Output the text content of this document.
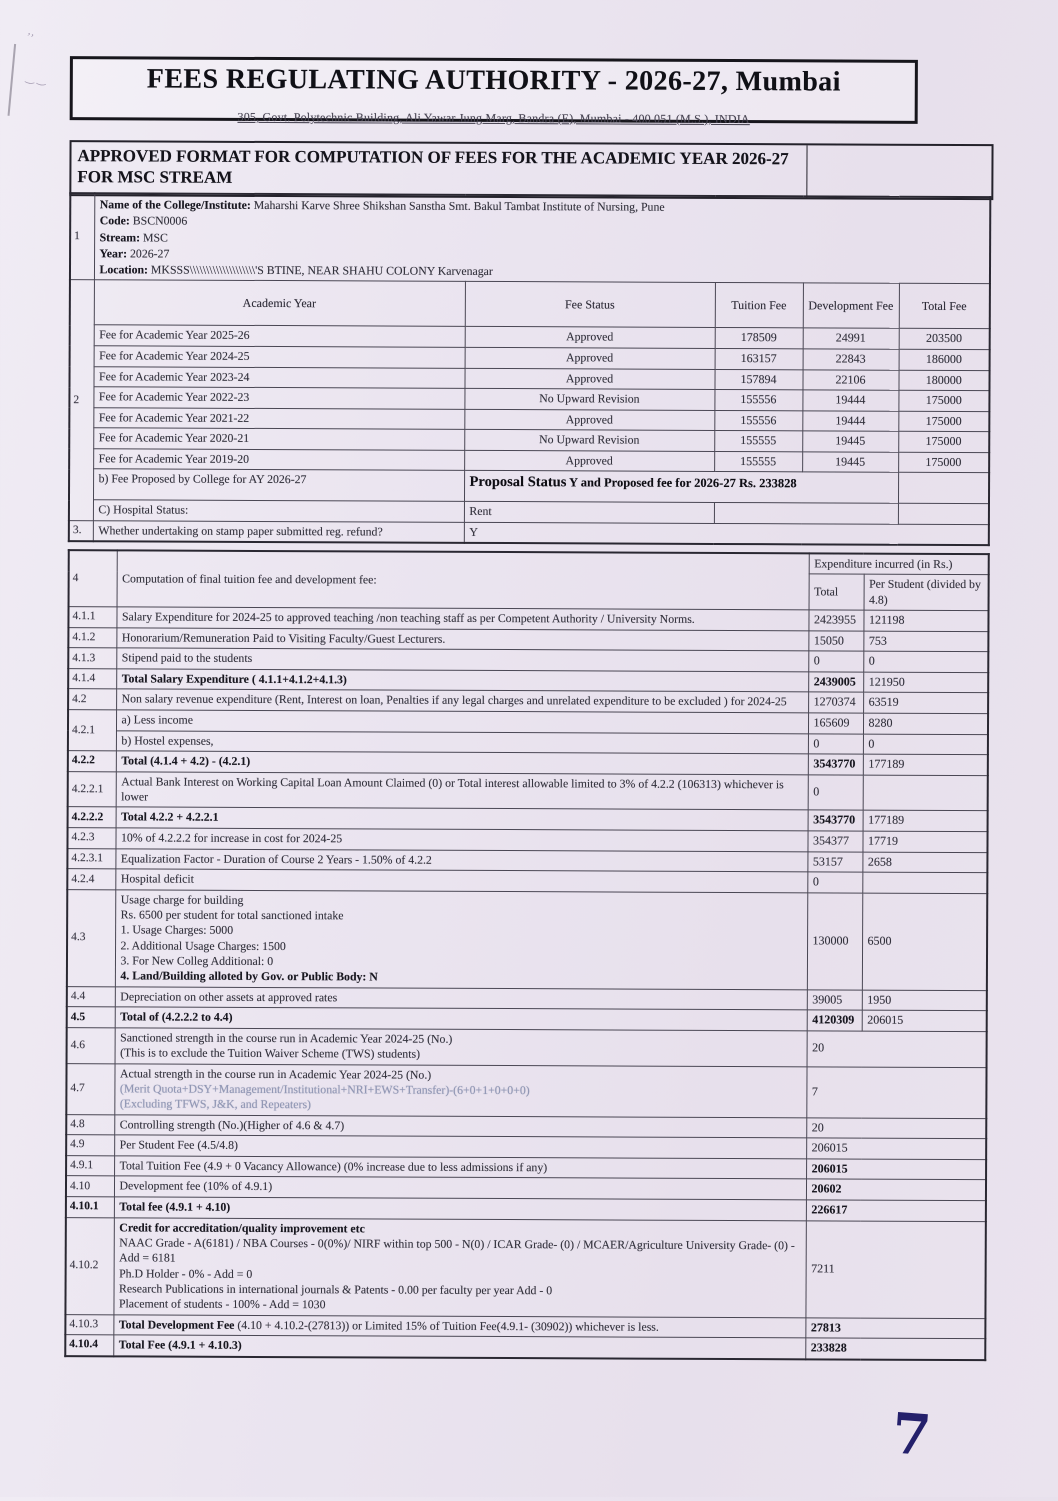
‚‚
‿ ‿	FEES REGULATING AUTHORITY - 2026-27, Mumbai
305, Govt. Polytechnic Building, Ali Yawar Jung Marg, Bandra (E), Mumbai - 400 051 (M.S.), INDIA
APPROVED FORMAT FOR COMPUTATION OF FEES FOR THE ACADEMIC YEAR 2026-27 FOR MSC STREAM
1	Name of the College/Institute: Maharshi Karve Shree Shikshan Sanstha Smt. Bakul Tambat Institute of Nursing, Pune
Code: BSCN0006
Stream: MSC
Year: 2026-27
Location: MKSSS\\\\\\\\\\\\\\\\\\\\'S BTINE, NEAR SHAHU COLONY Karvenagar				

2	Academic Year	Fee Status	Tuition Fee	Development Fee	Total Fee
	Fee for Academic Year 2025-26	Approved	178509	24991	203500
	Fee for Academic Year 2024-25	Approved	163157	22843	186000
	Fee for Academic Year 2023-24	Approved	157894	22106	180000
	Fee for Academic Year 2022-23	No Upward Revision	155556	19444	175000
	Fee for Academic Year 2021-22	Approved	155556	19444	175000
	Fee for Academic Year 2020-21	No Upward Revision	155555	19445	175000
	Fee for Academic Year 2019-20	Approved	155555	19445	175000
	b) Fee Proposed by College for AY 2026-27	Proposal Status Y and Proposed fee for 2026-27 Rs. 233828			
	C) Hospital Status:	Rent			
3.	Whether undertaking on stamp paper submitted reg. refund?	Y			
4	Computation of final tuition fee and development fee:	Expenditure incurred (in Rs.)	
		Total	Per Student (divided by 4.8)
4.1.1	Salary Expenditure for 2024-25 to approved teaching /non teaching staff as per Competent Authority / University Norms.	2423955	121198
4.1.2	Honorarium/Remuneration Paid to Visiting Faculty/Guest Lecturers.	15050	753
4.1.3	Stipend paid to the students	0	0
4.1.4	Total Salary Expenditure ( 4.1.1+4.1.2+4.1.3)	2439005	121950
4.2	Non salary revenue expenditure (Rent, Interest on loan, Penalties if any legal charges and unrelated expenditure to be excluded ) for 2024-25	1270374	63519
4.2.1	a) Less income	165609	8280
	b) Hostel expenses,	0	0
4.2.2	Total (4.1.4 + 4.2) - (4.2.1)	3543770	177189
4.2.2.1	Actual Bank Interest on Working Capital Loan Amount Claimed (0) or Total interest allowable limited to 3% of 4.2.2 (106313) whichever is lower	0	
4.2.2.2	Total 4.2.2 + 4.2.2.1	3543770	177189
4.2.3	10% of 4.2.2.2 for increase in cost for 2024-25	354377	17719
4.2.3.1	Equalization Factor - Duration of Course 2 Years - 1.50% of 4.2.2	53157	2658
4.2.4	Hospital deficit	0	
4.3	
Usage charge for building
Rs. 6500 per student for total sanctioned intake
1. Usage Charges: 5000
2. Additional Usage Charges: 1500
3. For New Colleg Additional: 0
4. Land/Building alloted by Gov. or Public Body: N
	130000	6500
4.4	Depreciation on other assets at approved rates	39005	1950
4.5	Total of (4.2.2.2 to 4.4)	4120309	206015
4.6	Sanctioned strength in the course run in Academic Year 2024-25 (No.)
(This is to exclude the Tuition Waiver Scheme (TWS) students)	20	
4.7	Actual strength in the course run in Academic Year 2024-25 (No.)
(Merit Quota+DSY+Management/Institutional+NRI+EWS+Transfer)-(6+0+1+0+0+0)
(Excluding TFWS, J&K, and Repeaters)	7	
4.8	Controlling strength (No.)(Higher of 4.6 & 4.7)	20	
4.9	Per Student Fee (4.5/4.8)	206015	
4.9.1	Total Tuition Fee (4.9 + 0 Vacancy Allowance) (0% increase due to less admissions if any)	206015	
4.10	Development fee (10% of 4.9.1)	20602	
4.10.1	Total fee (4.9.1 + 4.10)	226617	
4.10.2	Credit for accreditation/quality improvement etc
NAAC Grade - A(6181) / NBA Courses - 0(0%)/ NIRF within top 500 - N(0) / ICAR Grade- (0) / MCAER/Agriculture University Grade- (0) - Add = 6181
Ph.D Holder - 0% - Add = 0
Research Publications in international journals & Patents - 0.00 per faculty per year Add - 0
Placement of students - 100% - Add = 1030	7211	
4.10.3	Total Development Fee (4.10 + 4.10.2-(27813)) or Limited 15% of Tuition Fee(4.9.1- (30902)) whichever is less.	27813	
4.10.4	Total Fee (4.9.1 + 4.10.3)	233828	
7
